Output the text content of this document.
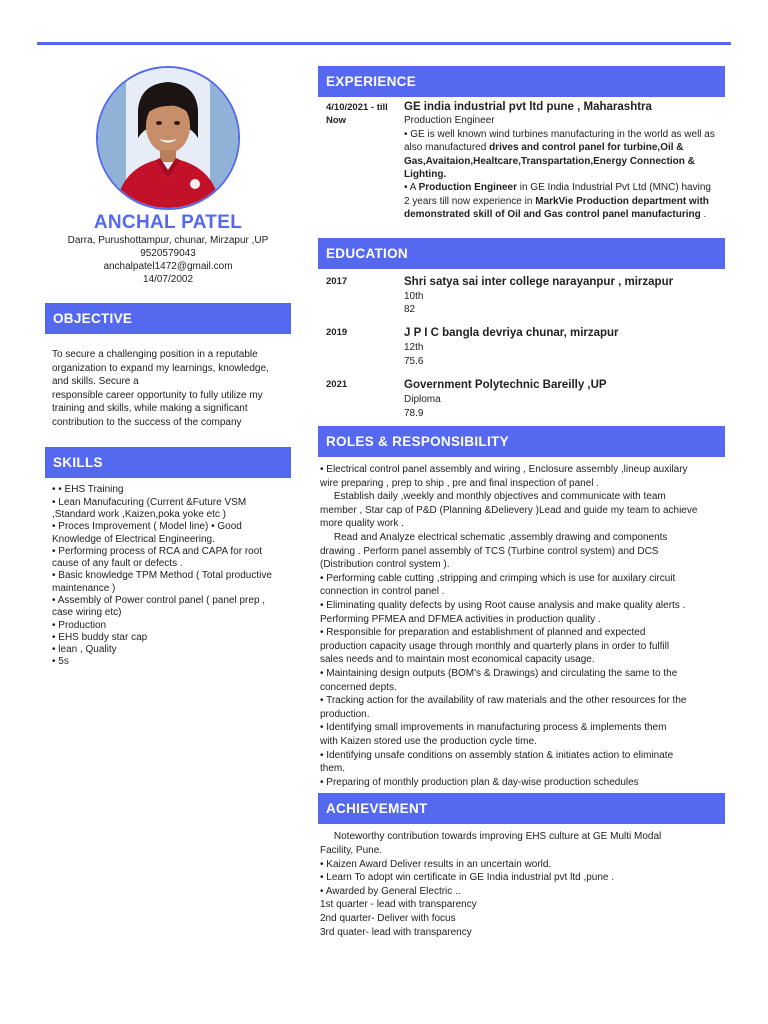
ANCHAL PATEL
Darra, Purushottampur, chunar, Mirzapur ,UP
9520579043
anchalpatel1472@gmail.com
14/07/2002
OBJECTIVE
To secure a challenging position in a reputable
organization to expand my learnings, knowledge,
and skills. Secure a
responsible career opportunity to fully utilize my
training and skills, while making a significant
contribution to the success of the company
SKILLS
• • EHS Training
• Lean Manufacuring (Current &Future VSM
,Standard work ,Kaizen,poka yoke etc )
• Proces Improvement ( Model line) • Good
Knowledge of Electrical Engineering.
• Performing process of RCA and CAPA for root
cause of any fault or defects .
• Basic knowledge TPM Method ( Total productive
maintenance )
• Assembly of Power control panel ( panel prep ,
case wiring etc)
• Production
• EHS buddy star cap
• lean , Quality
• 5s
EXPERIENCE
4/10/2021 - till Now
GE india industrial pvt ltd pune , Maharashtra
Production Engineer
• GE is well known wind turbines manufacturing in the world as well as also manufactured drives and control panel for turbine,Oil & Gas,Avaitaion,Healtcare,Transpartation,Energy Connection & Lighting.
• A Production Engineer in GE India Industrial Pvt Ltd (MNC) having 2 years till now experience in MarkVie Production department with demonstrated skill of Oil and Gas control panel manufacturing .
EDUCATION
2017	Shri satya sai inter college narayanpur , mirzapur
10th
82
2019	J P I C bangla devriya chunar, mirzapur
12th
75.6
2021	Government Polytechnic Bareilly ,UP
Diploma
78.9
ROLES & RESPONSIBILITY
• Electrical control panel assembly and wiring , Enclosure assembly ,lineup auxilary
wire preparing , prep to ship , pre and final inspection of panel .
Establish daily ,weekly and monthly objectives and communicate with team
member , Star cap of P&D (Planning &Delievery )Lead and guide my team to achieve
more quality work .
Read and Analyze electrical schematic ,assembly drawing and components
drawing . Perform panel assembly of TCS (Turbine control system) and DCS
(Distribution control system ).
• Performing cable cutting ,stripping and crimping which is use for auxilary circuit
connection in control panel .
• Eliminating quality defects by using Root cause analysis and make quality alerts .
Performing PFMEA and DFMEA activities in production quality .
• Responsible for preparation and establishment of planned and expected
production capacity usage through monthly and quarterly plans in order to fulfill
sales needs and to maintain most economical capacity usage.
• Maintaining design outputs (BOM's & Drawings) and circulating the same to the
concerned depts.
• Tracking action for the availability of raw materials and the other resources for the
production.
• Identifying small improvements in manufacturing process & implements them
with Kaizen stored use the production cycle time.
• Identifying unsafe conditions on assembly station & initiates action to eliminate
them.
• Preparing of monthly production plan & day-wise production schedules
ACHIEVEMENT
Noteworthy contribution towards improving EHS culture at GE Multi Modal
Facility, Pune.
• Kaizen Award Deliver results in an uncertain world.
• Learn To adopt win certificate in GE India industrial pvt ltd ,pune .
• Awarded by General Electric ..
1st quarter - lead with transparency
2nd quarter- Deliver with focus
3rd quater- lead with transparency
